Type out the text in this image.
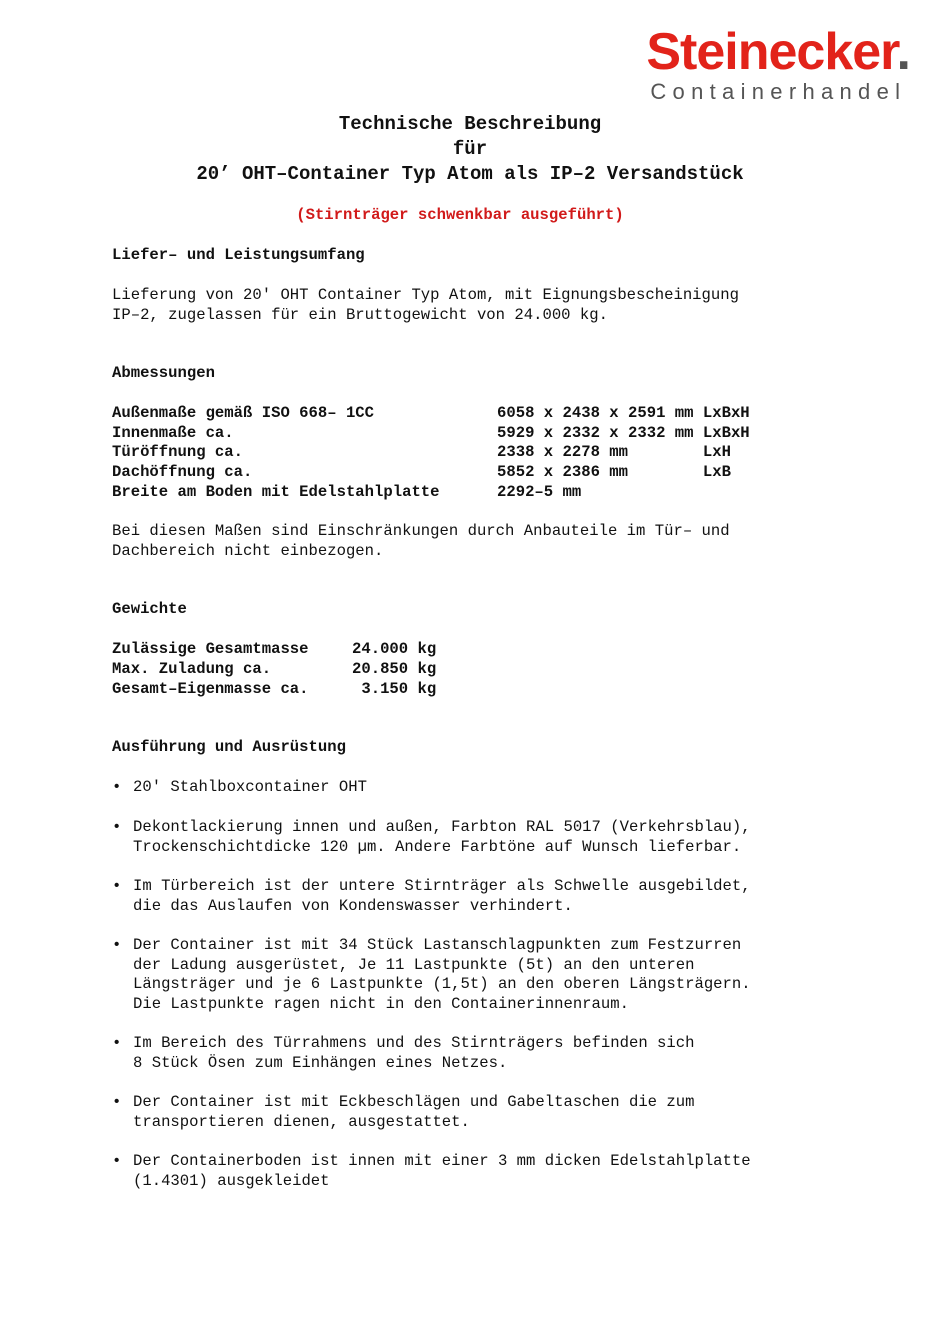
Steinecker.
Containerhandel
Technische Beschreibung
für
20’ OHT–Container Typ Atom als IP–2 Versandstück
(Stirnträger schwenkbar ausgeführt)
Liefer– und Leistungsumfang
Lieferung von 20' OHT Container Typ Atom, mit Eignungsbescheinigung
IP–2, zugelassen für ein Bruttogewicht von 24.000 kg.
Abmessungen
Außenmaße gemäß ISO 668– 1CC	6058 x 2438 x 2591 mm LxBxH
Innenmaße ca.	5929 x 2332 x 2332 mm LxBxH
Türöffnung ca.	2338 x 2278 mm        LxH
Dachöffnung ca.	5852 x 2386 mm        LxB
Breite am Boden mit Edelstahlplatte	2292–5 mm
Bei diesen Maßen sind Einschränkungen durch Anbauteile im Tür– und
Dachbereich nicht einbezogen.
Gewichte
Zulässige Gesamtmasse	24.000 kg
Max. Zuladung ca.	20.850 kg
Gesamt–Eigenmasse ca.	3.150 kg
Ausführung und Ausrüstung
• 20' Stahlboxcontainer OHT
• Dekontlackierung innen und außen, Farbton RAL 5017 (Verkehrsblau),
Trockenschichtdicke 120 µm. Andere Farbtöne auf Wunsch lieferbar.
• Im Türbereich ist der untere Stirnträger als Schwelle ausgebildet,
die das Auslaufen von Kondenswasser verhindert.
• Der Container ist mit 34 Stück Lastanschlagpunkten zum Festzurren
der Ladung ausgerüstet, Je 11 Lastpunkte (5t) an den unteren
Längsträger und je 6 Lastpunkte (1,5t) an den oberen Längsträgern.
Die Lastpunkte ragen nicht in den Containerinnenraum.
• Im Bereich des Türrahmens und des Stirnträgers befinden sich
8 Stück Ösen zum Einhängen eines Netzes.
• Der Container ist mit Eckbeschlägen und Gabeltaschen die zum
transportieren dienen, ausgestattet.
• Der Containerboden ist innen mit einer 3 mm dicken Edelstahlplatte
(1.4301) ausgekleidet
